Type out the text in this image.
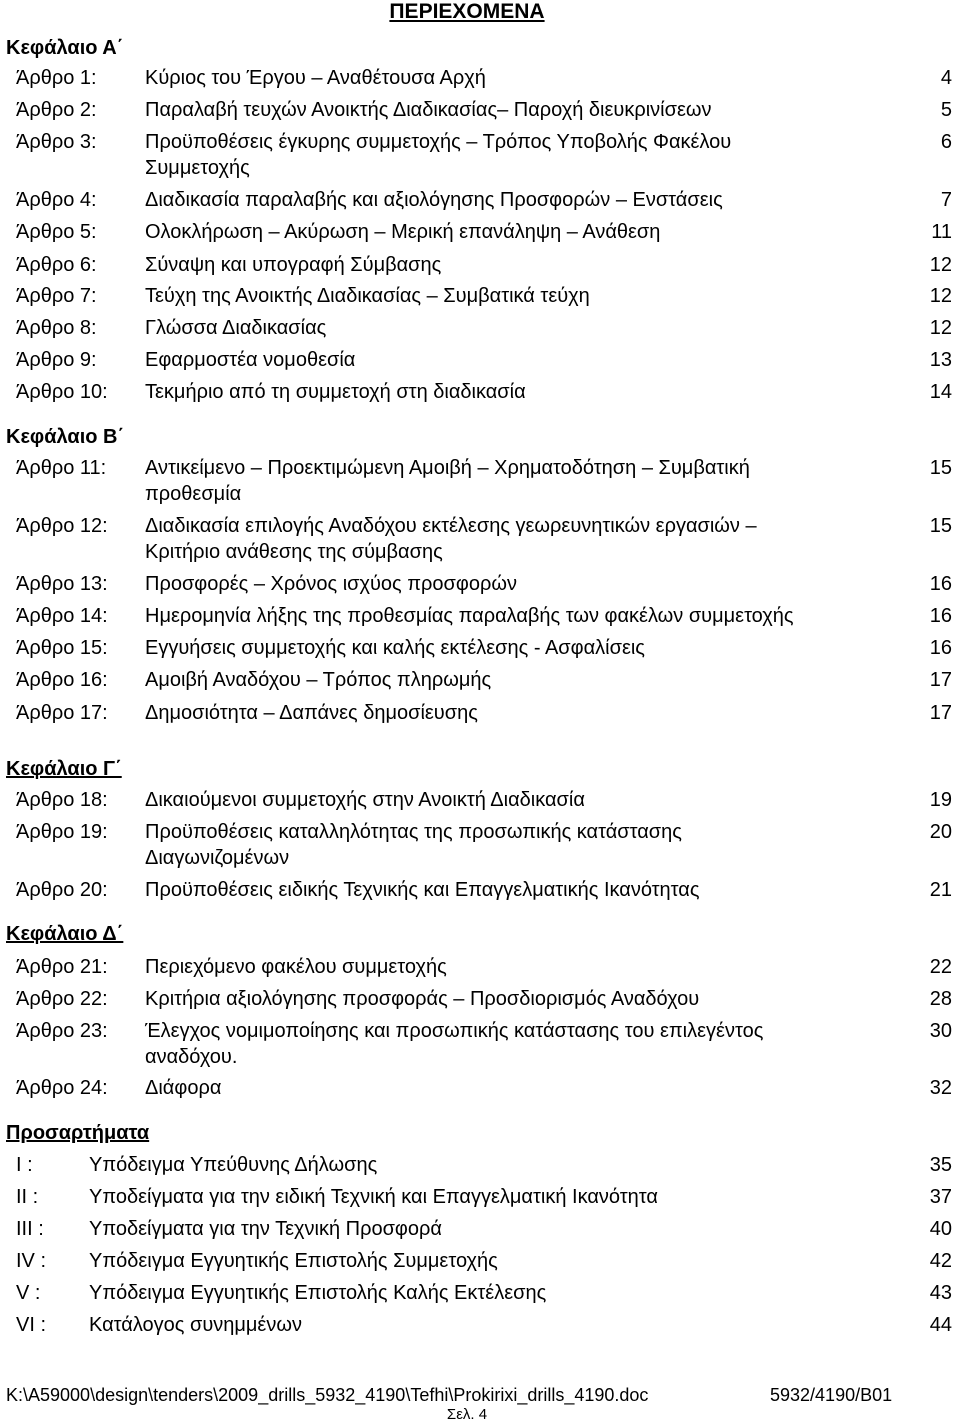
ΠΕΡΙΕΧΟΜΕΝΑ
Κεφάλαιο Α΄
Άρθρο 1: Κύριος του Έργου – Αναθέτουσα Αρχή	4
Άρθρο 2: Παραλαβή τευχών Ανοικτής Διαδικασίας– Παροχή διευκρινίσεων	5
Άρθρο 3: Προϋποθέσεις έγκυρης συμμετοχής – Τρόπος Υποβολής Φακέλου	6
Συμμετοχής
Άρθρο 4: Διαδικασία παραλαβής και αξιολόγησης Προσφορών – Ενστάσεις	7
Άρθρο 5: Ολοκλήρωση – Ακύρωση – Μερική επανάληψη – Ανάθεση	11
Άρθρο 6: Σύναψη και υπογραφή Σύμβασης	12
Άρθρο 7: Τεύχη της Ανοικτής Διαδικασίας – Συμβατικά τεύχη	12
Άρθρο 8: Γλώσσα Διαδικασίας	12
Άρθρο 9: Εφαρμοστέα νομοθεσία	13
Άρθρο 10: Τεκμήριο από τη συμμετοχή στη διαδικασία	14
Κεφάλαιο Β΄
Άρθρο 11: Αντικείμενο – Προεκτιμώμενη Αμοιβή – Χρηματοδότηση – Συμβατική	15
προθεσμία
Άρθρο 12: Διαδικασία επιλογής Αναδόχου εκτέλεσης γεωρευνητικών εργασιών –	15
Κριτήριο ανάθεσης της σύμβασης
Άρθρο 13: Προσφορές – Χρόνος ισχύος προσφορών	16
Άρθρο 14: Ημερομηνία λήξης της προθεσμίας παραλαβής των φακέλων συμμετοχής	16
Άρθρο 15: Εγγυήσεις συμμετοχής και καλής εκτέλεσης - Ασφαλίσεις	16
Άρθρο 16: Αμοιβή Αναδόχου – Τρόπος πληρωμής	17
Άρθρο 17: Δημοσιότητα – Δαπάνες δημοσίευσης	17
Κεφάλαιο Γ΄
Άρθρο 18: Δικαιούμενοι συμμετοχής στην Ανοικτή Διαδικασία	19
Άρθρο 19: Προϋποθέσεις καταλληλότητας της προσωπικής κατάστασης	20
Διαγωνιζομένων
Άρθρο 20: Προϋποθέσεις ειδικής Τεχνικής και Επαγγελματικής Ικανότητας	21
Κεφάλαιο Δ΄
Άρθρο 21: Περιεχόμενο φακέλου συμμετοχής	22
Άρθρο 22: Κριτήρια αξιολόγησης προσφοράς – Προσδιορισμός Αναδόχου	28
Άρθρο 23: Έλεγχος νομιμοποίησης και προσωπικής κατάστασης του επιλεγέντος	30
αναδόχου.
Άρθρο 24: Διάφορα	32
Προσαρτήματα
I :	Υπόδειγμα Υπεύθυνης Δήλωσης	35
II :	Υποδείγματα για την ειδική Τεχνική και Επαγγελματική Ικανότητα	37
III : Υποδείγματα για την Τεχνική Προσφορά	40
IV : Υπόδειγμα Εγγυητικής Επιστολής Συμμετοχής	42
V : Υπόδειγμα Εγγυητικής Επιστολής Καλής Εκτέλεσης	43
VI : Κατάλογος συνημμένων	44
K:\A59000\design\tenders\2009_drills_5932_4190\Tefhi\Prokirixi_drills_4190.doc	5932/4190/B01
Σελ. 4
